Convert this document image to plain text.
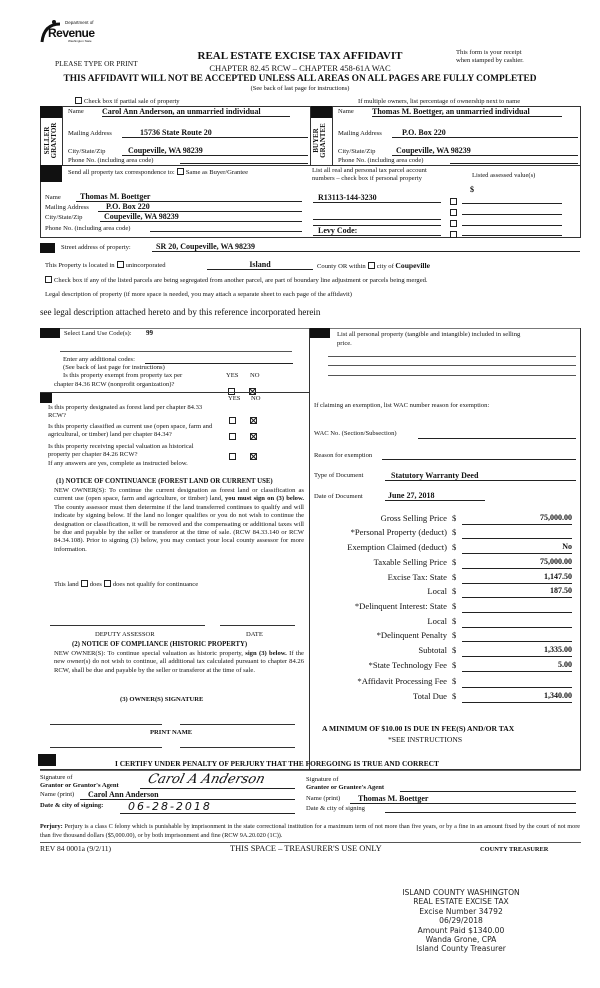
Department of
Revenue
Washington State
PLEASE TYPE OR PRINT
REAL ESTATE EXCISE TAX AFFIDAVIT
CHAPTER 82.45 RCW – CHAPTER 458-61A WAC
This form is your receipt
when stamped by cashier.
THIS AFFIDAVIT WILL NOT BE ACCEPTED UNLESS ALL AREAS ON ALL PAGES ARE FULLY COMPLETED
(See back of last page for instructions)
Check box if partial sale of property	If multiple owners, list percentage of ownership next to name
SELLER
GRANTOR
Name Carol Ann Anderson, an unmarried individual
Mailing Address	15736 State Route 20
City/State/Zip	Coupeville, WA 98239
Phone No. (including area code)
BUYER
GRANTEE
Name Thomas M. Boettger, an unmarried individual
Mailing Address	P.O. Box 220
City/State/Zip	Coupeville, WA 98239
Phone No. (including area code)
Send all property tax correspondence to: Same as Buyer/Grantee
Name	Thomas M. Boettger
Mailing Address	P.O. Box 220
City/State/Zip	Coupeville, WA 98239
Phone No. (including area code)
List all real and personal tax parcel account
numbers – check box if personal property	Listed assessed value(s)
R13113-144-3230
Levy Code:

$
Street address of property:	SR 20, Coupeville, WA 98239
This Property is located in unincorporated	Island	County OR within city of Coupeville
Check box if any of the listed parcels are being segregated from another parcel, are part of boundary line adjustment or parcels being merged.
Legal description of property (if more space is needed, you may attach a separate sheet to each page of the affidavit)
see legal description attached hereto and by this reference incorporated herein
Select Land Use Code(s): 99
Enter any additional codes:
(See back of last page for instructions)
Is this property exempt from property tax per
chapter 84.36 RCW (nonprofit organization)?
YES NO
YES NO
Is this property designated as forest land per chapter 84.33
RCW?
Is this property classified as current use (open space, farm and
agricultural, or timber) land per chapter 84.34?
Is this property receiving special valuation as historical
property per chapter 84.26 RCW?
If any answers are yes, complete as instructed below.
(1) NOTICE OF CONTINUANCE (FOREST LAND OR CURRENT USE)
NEW OWNER(S): To continue the current designation as forest land or classification as current use (open space, farm and agriculture, or timber) land, you must sign on (3) below. The county assessor must then determine if the land transferred continues to qualify and will indicate by signing below. If the land no longer qualifies or you do not wish to continue the designation or classification, it will be removed and the compensating or additional taxes will be due and payable by the seller or transferor at the time of sale. (RCW 84.33.140 or RCW 84.34.108). Prior to signing (3) below, you may contact your local county assessor for more information.
This land does does not qualify for continuance
DEPUTY ASSESSOR	DATE
(2) NOTICE OF COMPLIANCE (HISTORIC PROPERTY)
NEW OWNER(S): To continue special valuation as historic property, sign (3) below. If the new owner(s) do not wish to continue, all additional tax calculated pursuant to chapter 84.26 RCW, shall be due and payable by the seller or transferor at the time of sale.
(3) OWNER(S) SIGNATURE
PRINT NAME
List all personal property (tangible and intangible) included in selling
price.
If claiming an exemption, list WAC number reason for exemption:
WAC No. (Section/Subsection)
Reason for exemption
Type of Document	Statutory Warranty Deed
Date of Document	June 27, 2018
Gross Selling Price $	75,000.00
*Personal Property (deduct) $
Exemption Claimed (deduct) $	No
Taxable Selling Price $	75,000.00
Excise Tax: State $	1,147.50
Local $	187.50
*Delinquent Interest: State $
Local $
*Delinquent Penalty $
Subtotal $	1,335.00
*State Technology Fee $	5.00
*Affidavit Processing Fee $
Total Due $	1,340.00
A MINIMUM OF $10.00 IS DUE IN FEE(S) AND/OR TAX
*SEE INSTRUCTIONS
I CERTIFY UNDER PENALTY OF PERJURY THAT THE FOREGOING IS TRUE AND CORRECT
Signature of
Grantor or Grantor's Agent Carol A Anderson
Name (print)	Carol Ann Anderson
Date & city of signing:	06-28-2018
Signature of
Grantee or Grantee's Agent
Name (print)	Thomas M. Boettger
Date & city of signing
Perjury: Perjury is a class C felony which is punishable by imprisonment in the state correctional institution for a maximum term of not more than five years, or by a fine in an amount fixed by the court of not more than five thousand dollars ($5,000.00), or by both imprisonment and fine (RCW 9A.20.020 (1C)).
REV 84 0001a (9/2/11)	THIS SPACE – TREASURER'S USE ONLY	COUNTY TREASURER
ISLAND COUNTY WASHINGTON
REAL ESTATE EXCISE TAX
Excise Number 34792
06/29/2018
Amount Paid $1340.00
Wanda Grone, CPA
Island County Treasurer
